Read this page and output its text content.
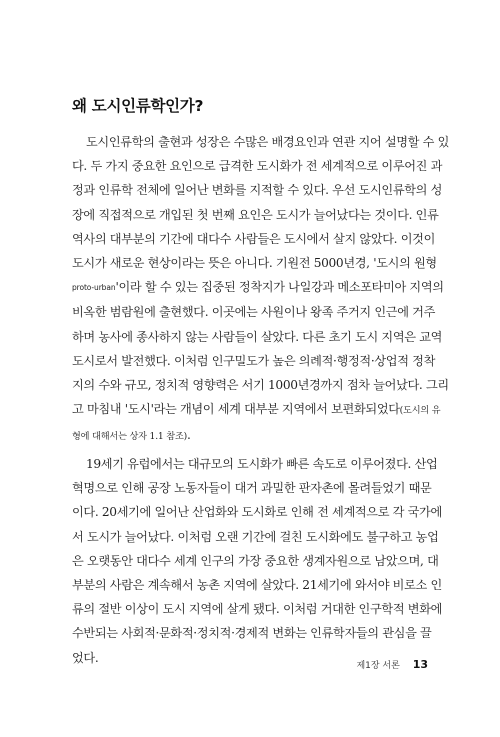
왜 도시인류학인가?
도시인류학의 출현과 성장은 수많은 배경요인과 연관 지어 설명할 수 있
다. 두 가지 중요한 요인으로 급격한 도시화가 전 세계적으로 이루어진 과
정과 인류학 전체에 일어난 변화를 지적할 수 있다. 우선 도시인류학의 성
장에 직접적으로 개입된 첫 번째 요인은 도시가 늘어났다는 것이다. 인류
역사의 대부분의 기간에 대다수 사람들은 도시에서 살지 않았다. 이것이
도시가 새로운 현상이라는 뜻은 아니다. 기원전 5000년경, '도시의 원형
proto-urban'이라 할 수 있는 집중된 정착지가 나일강과 메소포타미아 지역의
비옥한 범람원에 출현했다. 이곳에는 사원이나 왕족 주거지 인근에 거주
하며 농사에 종사하지 않는 사람들이 살았다. 다른 초기 도시 지역은 교역
도시로서 발전했다. 이처럼 인구밀도가 높은 의례적·행정적·상업적 정착
지의 수와 규모, 정치적 영향력은 서기 1000년경까지 점차 늘어났다. 그리
고 마침내 '도시'라는 개념이 세계 대부분 지역에서 보편화되었다(도시의 유
형에 대해서는 상자 1.1 참조).
19세기 유럽에서는 대규모의 도시화가 빠른 속도로 이루어졌다. 산업
혁명으로 인해 공장 노동자들이 대거 과밀한 판자촌에 몰려들었기 때문
이다. 20세기에 일어난 산업화와 도시화로 인해 전 세계적으로 각 국가에
서 도시가 늘어났다. 이처럼 오랜 기간에 걸친 도시화에도 불구하고 농업
은 오랫동안 대다수 세계 인구의 가장 중요한 생계자원으로 남았으며, 대
부분의 사람은 계속해서 농촌 지역에 살았다. 21세기에 와서야 비로소 인
류의 절반 이상이 도시 지역에 살게 됐다. 이처럼 거대한 인구학적 변화에
수반되는 사회적·문화적·정치적·경제적 변화는 인류학자들의 관심을 끌
었다.
제1장 서론 13
